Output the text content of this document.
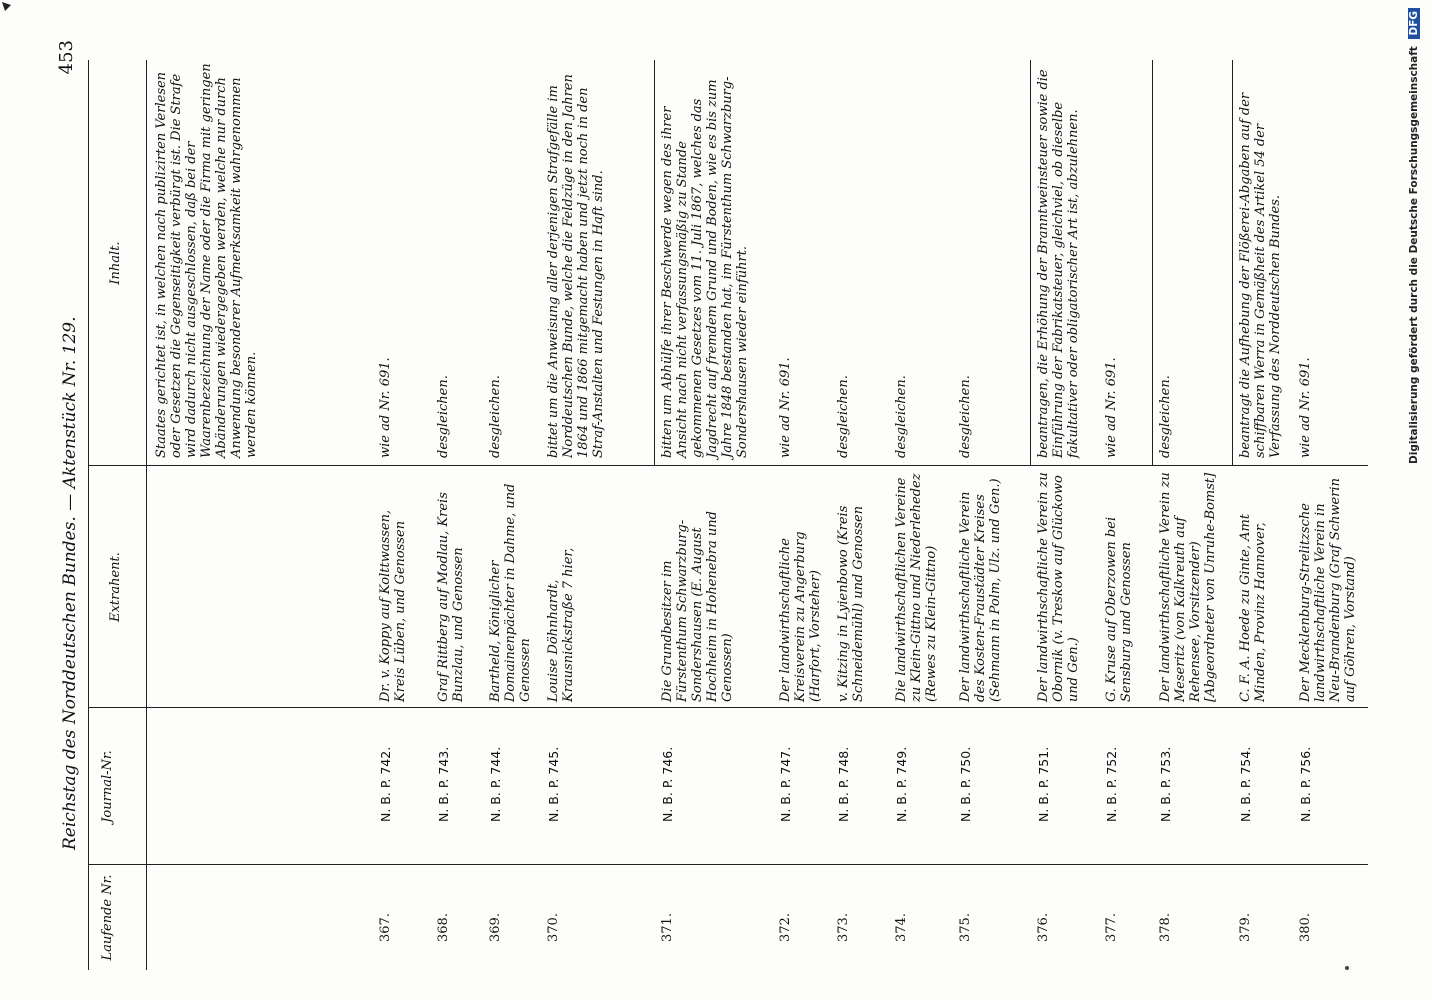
Reichstag des Norddeutschen Bundes. — Aktenstück Nr. 129.
453
Laufende Nr.
Journal-Nr.
Extrahent.
Inhalt. Staates gerichtet ist, in welchen nach publizirten Verlesen oder Gesetzen die Gegenseitigkeit verbürgt ist. Die Strafe wird dadurch nicht ausgeschlossen, daß bei der Waarenbezeichnung der Name oder die Firma mit geringen Abänderungen wiedergegeben werden, welche nur durch Anwendung besonderer Aufmerksamkeit wahrgenommen werden können.
367.
N. B. P. 742.
Dr. v. Koppy auf Kolttwassen, Kreis Lüben, und Genossen
wie ad Nr. 691.
368.
N. B. P. 743.
Graf Rittberg auf Modlau, Kreis Bunzlau, und Genossen
desgleichen.
369.
N. B. P. 744.
Bartheld, Königlicher Domainenpächter in Dahme, und Genossen
desgleichen.
370.
N. B. P. 745.
Louise Döhnhardt, Krausnickstraße 7 hier,
bittetum die Anweisung aller derjenigen Strafgefälle im Norddeutschen Bunde, welche die Feldzüge in den Jahren 1864 und 1866 mitgemacht haben und jetzt noch in den Straf-Anstalten und Festungen in Haft sind.
371.
N. B. P. 746.
Die Grundbesitzer im Fürstenthum Schwarzburg-Sondershausen (E. August Hochheim in Hohenebra und Genossen)
bittenum Abhülfe ihrer Beschwerde wegen des ihrer Ansicht nach nicht verfassungsmäßig zu Stande gekommenen Gesetzes vom 11. Juli 1867, welches das Jagdrecht auf fremdem Grund und Boden, wie es bis zum Jahre 1848 bestanden hat, im Fürstenthum Schwarzburg-Sondershausen wieder einführt.
372.
N. B. P. 747.
Der landwirthschaftliche Kreisverein zu Angerburg (Harfort, Vorsteher)
wie ad Nr. 691.
373.
N. B. P. 748.
v. Kitzing in Lyienbowo (Kreis Schneidemühl) und Genossen
desgleichen.
374.
N. B. P. 749.
Die landwirthschaftlichen Vereine zu Klein-Gittno und Niederlehedez (Rewes zu Klein-Gittno)
desgleichen.
375.
N. B. P. 750.
Der landwirthschaftliche Verein des Kosten-Fraustädter Kreises (Sehmann in Polm, Ulz. und Gen.)
desgleichen.
376.
N. B. P. 751.
Der landwirthschaftliche Verein zu Obornik (v. Treskow auf Glückowo und Gen.)
beantragen,die Erhöhung der Branntweinsteuer sowie die Einführung der Fabrikatsteuer, gleichviel, ob dieselbe fakultativer oder obligatorischer Art ist, abzulehnen.
377.
N. B. P. 752.
G. Kruse auf Oberzowen bei Sensburg und Genossen
wie ad Nr. 691.
378.
N. B. P. 753.
Der landwirthschaftliche Verein zu Meseritz (von Kalkreuth auf Rehensee, Vorsitzender) [Abgeordneter von Unruhe-Bomst]
desgleichen.
379.
N. B. P. 754.
C. F. A. Hoede zu Ginte, Amt Minden, Provinz Hannover,
beantragtdie Aufhebung der Flößerei-Abgaben auf der schiffbaren Werra in Gemäßheit des Artikel 54 der Verfassung des Norddeutschen Bundes.
380.
N. B. P. 756.
Der Mecklenburg-Strelitzsche landwirthschaftliche Verein in Neu-Brandenburg (Graf Schwerin auf Göhren, Vorstand)
wie ad Nr. 691.	Digitalisierung gefördert durch die Deutsche Forschungsgemeinschaft DFG
